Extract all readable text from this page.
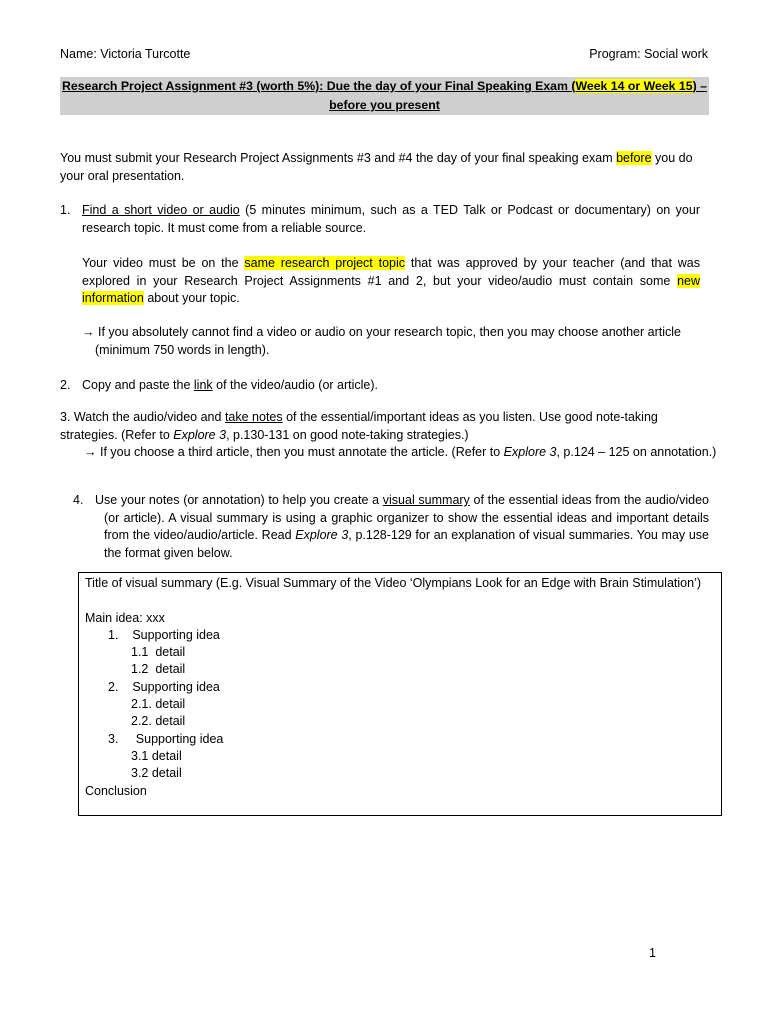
Name: Victoria Turcotte	Program: Social work

Research Project Assignment #3 (worth 5%): Due the day of your Final Speaking Exam (Week 14 or Week 15) –
before you present

You must submit your Research Project Assignments #3 and #4 the day of your final speaking exam before you do your oral presentation.

1. Find a short video or audio (5 minutes minimum, such as a TED Talk or Podcast or documentary) on your research topic. It must come from a reliable source.

Your video must be on the same research project topic that was approved by your teacher (and that was explored in your Research Project Assignments #1 and 2, but your video/audio must contain some new information about your topic.

→ If you absolutely cannot find a video or audio on your research topic, then you may choose another article (minimum 750 words in length).

2. Copy and paste the link of the video/audio (or article).

3. Watch the audio/video and take notes of the essential/important ideas as you listen. Use good note-taking strategies. (Refer to Explore 3, p.130-131 on good note-taking strategies.)

→ If you choose a third article, then you must annotate the article. (Refer to Explore 3, p.124 – 125 on annotation.)

4. Use your notes (or annotation) to help you create a visual summary of the essential ideas from the audio/video (or article). A visual summary is using a graphic organizer to show the essential ideas and important details from the video/audio/article. Read Explore 3, p.128-129 for an explanation of visual summaries. You may use the format given below.

Title of visual summary (E.g. Visual Summary of the Video ‘Olympians Look for an Edge with Brain Stimulation’)

Main idea: xxx

1.    Supporting idea

1.1  detail

1.2  detail

2.    Supporting idea

2.1. detail

2.2. detail

3.     Supporting idea

3.1 detail

3.2 detail

Conclusion

1
